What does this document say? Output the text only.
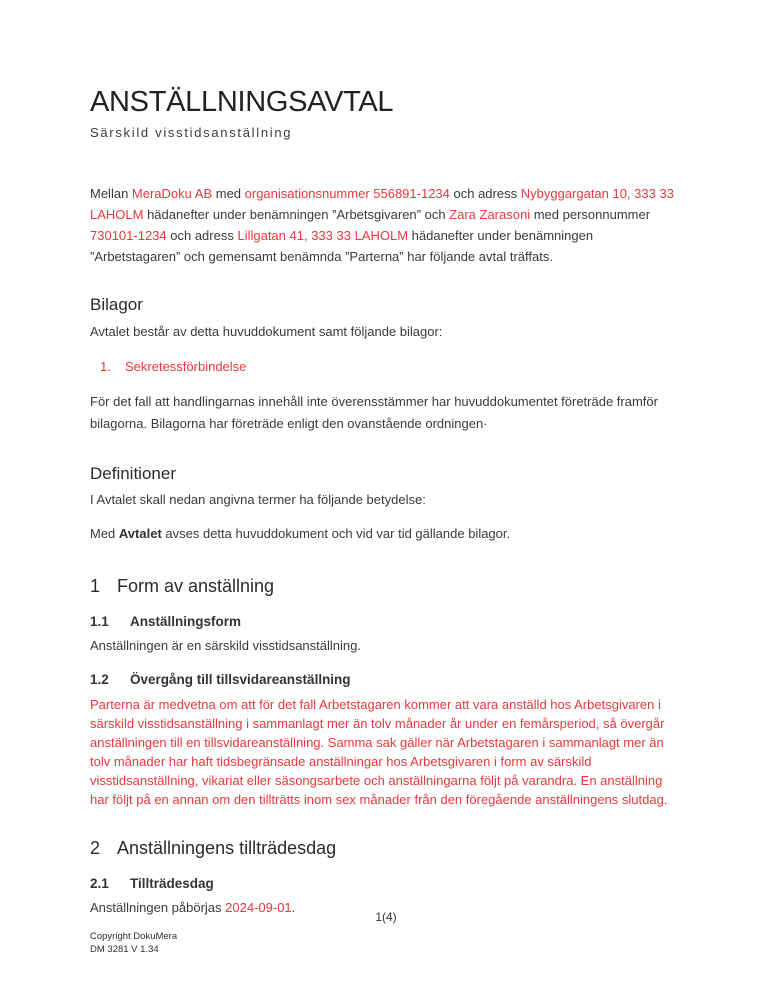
ANSTÄLLNINGSAVTAL
Särskild visstidsanställning

Mellan MeraDoku AB med organisationsnummer 556891-1234 och adress Nybyggargatan 10, 333 33 LAHOLM hädanefter under benämningen ”Arbetsgivaren” och Zara Zarasoni med personnummer 730101-1234 och adress Lillgatan 41, 333 33 LAHOLM hädanefter under benämningen ”Arbetstagaren” och gemensamt benämnda ”Parterna” har följande avtal träffats.

Bilagor

Avtalet består av detta huvuddokument samt följande bilagor:

1. Sekretessförbindelse

För det fall att handlingarnas innehåll inte överensstämmer har huvuddokumentet företräde framför bilagorna. Bilagorna har företräde enligt den ovanstående ordningen·

Definitioner

I Avtalet skall nedan angivna termer ha följande betydelse:

Med Avtalet avses detta huvuddokument och vid var tid gällande bilagor.

1 Form av anställning
1.1 Anställningsform

Anställningen är en särskild visstidsanställning.

1.2 Övergång till tillsvidareanställning

Parterna är medvetna om att för det fall Arbetstagaren kommer att vara anställd hos Arbetsgivaren i särskild visstidsanställning i sammanlagt mer än tolv månader år under en femårsperiod, så övergår anställningen till en tillsvidareanställning. Samma sak gäller när Arbetstagaren i sammanlagt mer än tolv månader har haft tidsbegränsade anställningar hos Arbetsgivaren i form av särskild visstidsanställning, vikariat eller säsongsarbete och anställningarna följt på varandra. En anställning har följt på en annan om den tillträtts inom sex månader från den föregående anställningens slutdag.

2 Anställningens tillträdesdag
2.1 Tillträdesdag

Anställningen påbörjas 2024-09-01.

1(4)
Copyright DokuMera
DM 3281 V 1.34
